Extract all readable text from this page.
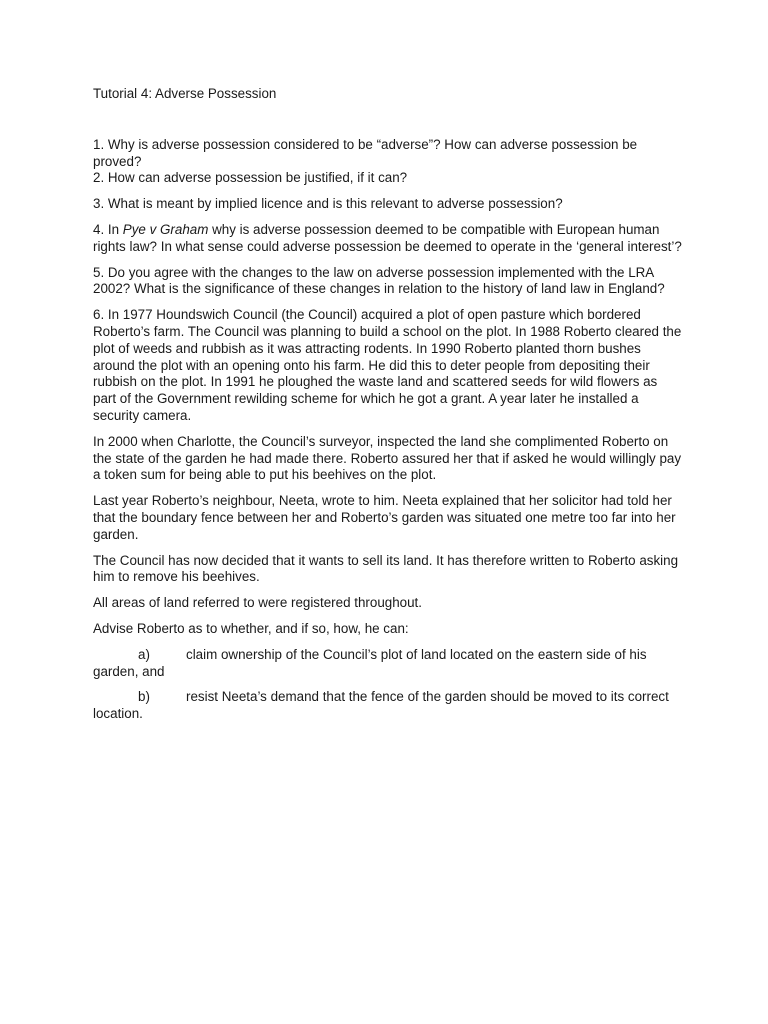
Tutorial 4: Adverse Possession

1. Why is adverse possession considered to be “adverse”? How can adverse possession be proved?

2. How can adverse possession be justified, if it can?

3. What is meant by implied licence and is this relevant to adverse possession?

4. In Pye v Graham why is adverse possession deemed to be compatible with European human rights law? In what sense could adverse possession be deemed to operate in the ‘general interest’?

5. Do you agree with the changes to the law on adverse possession implemented with the LRA 2002? What is the significance of these changes in relation to the history of land law in England?

6. In 1977 Houndswich Council (the Council) acquired a plot of open pasture which bordered Roberto’s farm. The Council was planning to build a school on the plot. In 1988 Roberto cleared the plot of weeds and rubbish as it was attracting rodents. In 1990 Roberto planted thorn bushes around the plot with an opening onto his farm. He did this to deter people from depositing their rubbish on the plot. In 1991 he ploughed the waste land and scattered seeds for wild flowers as part of the Government rewilding scheme for which he got a grant. A year later he installed a security camera.

In 2000 when Charlotte, the Council’s surveyor, inspected the land she complimented Roberto on the state of the garden he had made there. Roberto assured her that if asked he would willingly pay a token sum for being able to put his beehives on the plot.

Last year Roberto’s neighbour, Neeta, wrote to him. Neeta explained that her solicitor had told her that the boundary fence between her and Roberto’s garden was situated one metre too far into her garden.

The Council has now decided that it wants to sell its land. It has therefore written to Roberto asking him to remove his beehives.

All areas of land referred to were registered throughout.

Advise Roberto as to whether, and if so, how, he can:

a)	claim ownership of the Council’s plot of land located on the eastern side of his garden, and
b)	resist Neeta’s demand that the fence of the garden should be moved to its correct location.
